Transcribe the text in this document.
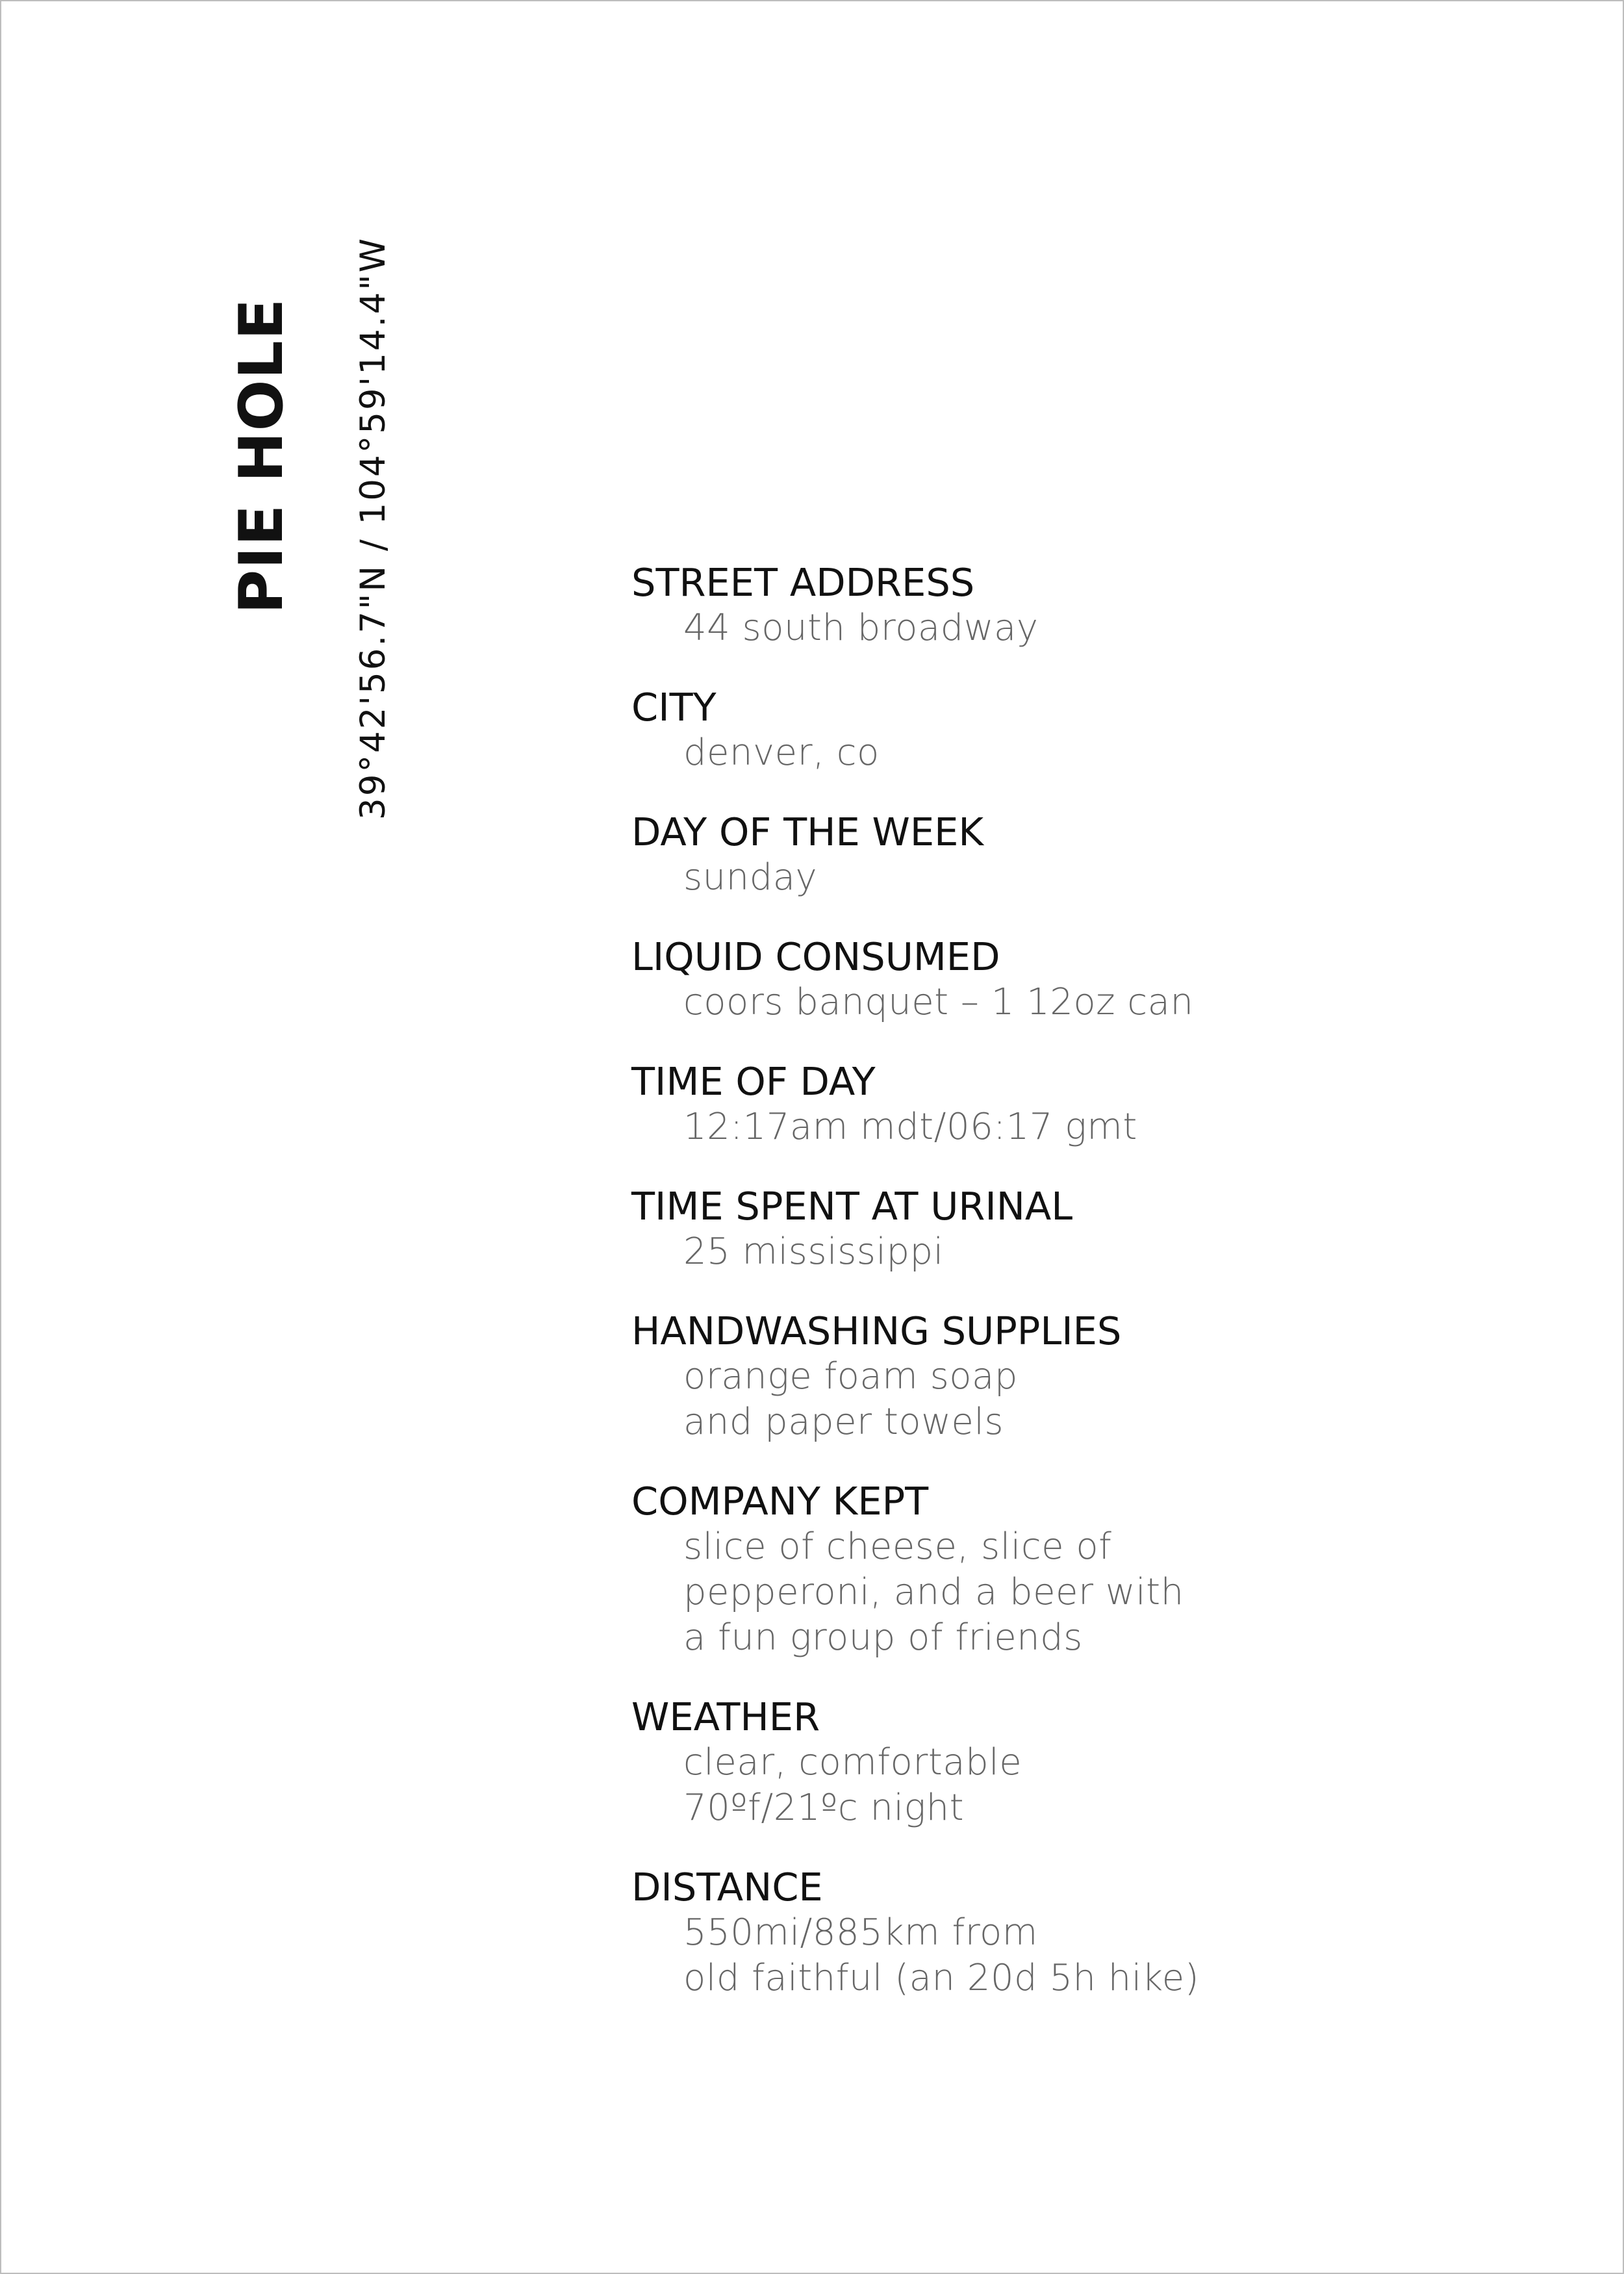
PIE HOLE 39°42'56.7"N / 104°59'14.4"W	STREET ADDRESS
44 south broadway
CITY
denver, co
DAY OF THE WEEK
sunday
LIQUID CONSUMED
coors banquet – 1 12oz can
TIME OF DAY
12:17am mdt/06:17 gmt
TIME SPENT AT URINAL
25 mississippi
HANDWASHING SUPPLIES
orange foam soap
and paper towels
COMPANY KEPT
slice of cheese, slice of
pepperoni, and a beer with
a fun group of friends
WEATHER
clear, comfortable
70ºf/21ºc night
DISTANCE
550mi/885km from
old faithful (an 20d 5h hike)
